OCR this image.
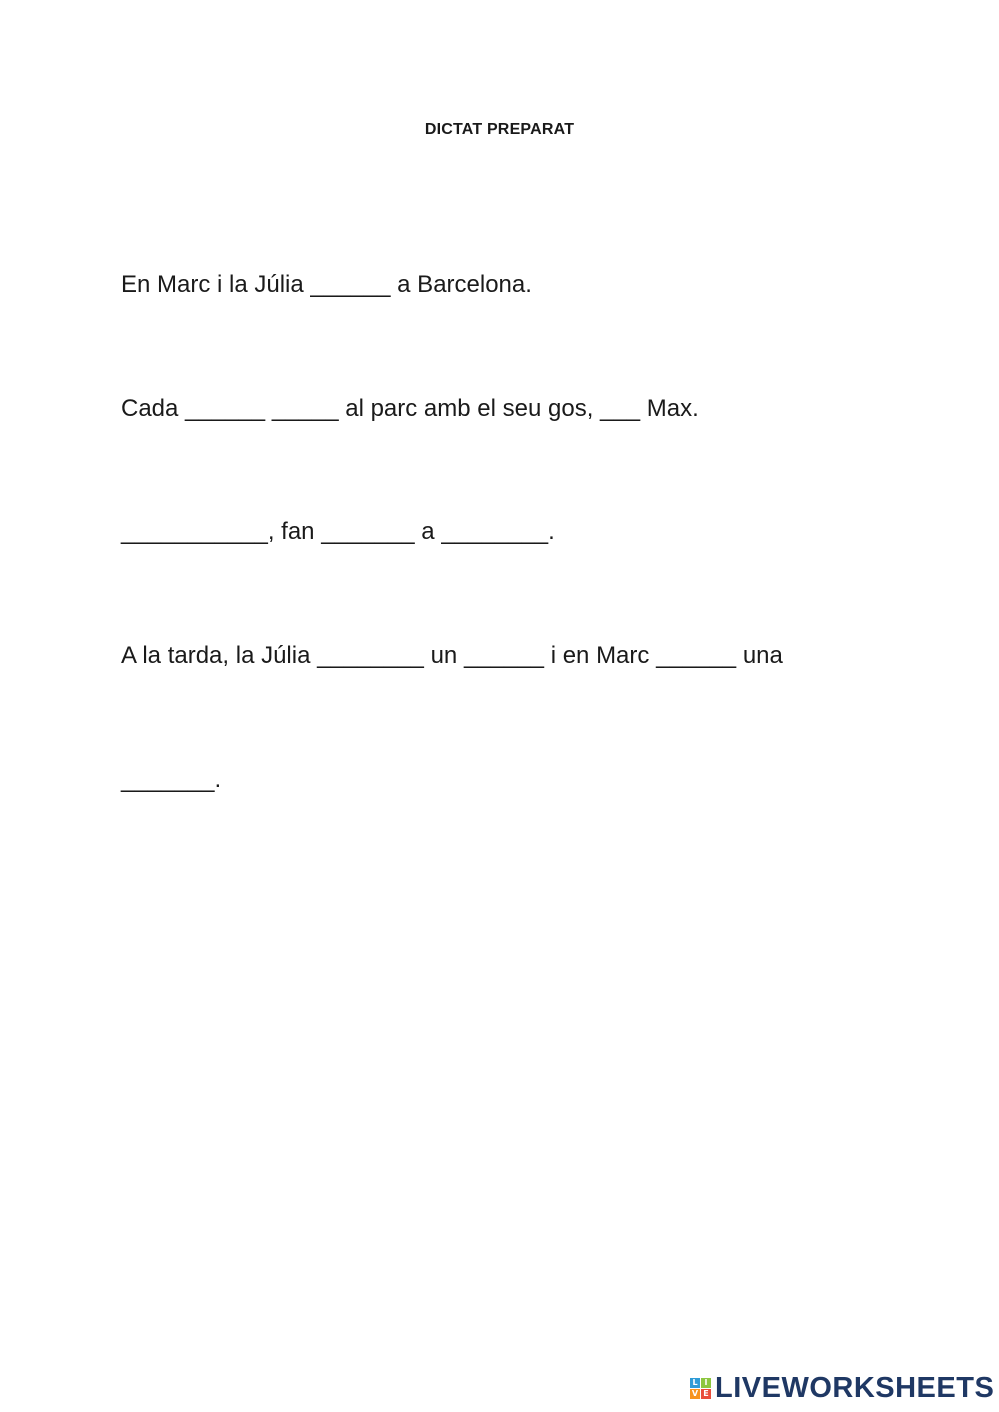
DICTAT PREPARAT
En Marc i la Júlia ______ a Barcelona.
Cada ______ _____ al parc amb el seu gos, ___ Max.
___________, fan _______ a ________.
A la tarda, la Júlia ________ un ______ i en Marc ______ una
_______.
L I
V E LIVEWORKSHEETS
